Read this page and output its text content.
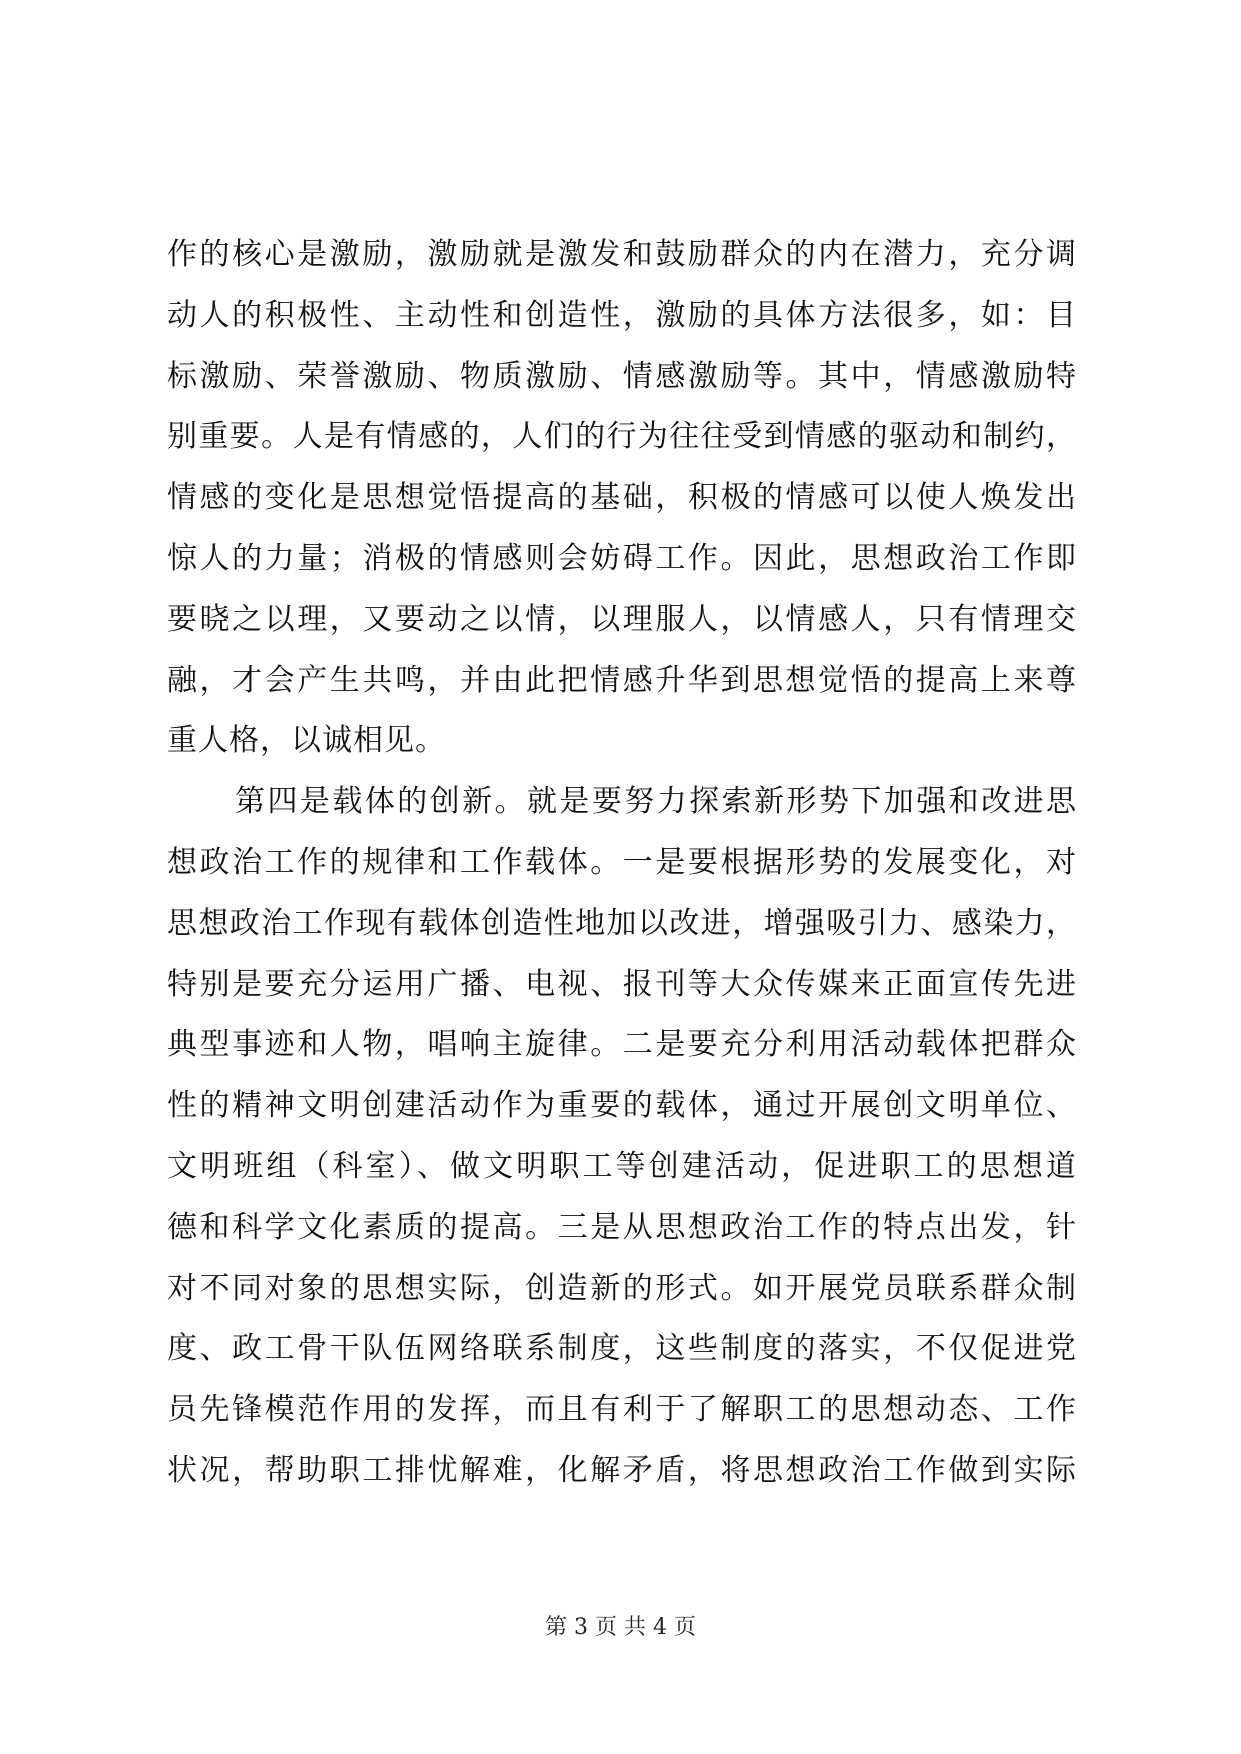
作的核心是激励，激励就是激发和鼓励群众的内在潜力，充分调
动人的积极性、主动性和创造性，激励的具体方法很多，如：目
标激励、荣誉激励、物质激励、情感激励等。其中，情感激励特
别重要。人是有情感的，人们的行为往往受到情感的驱动和制约，
情感的变化是思想觉悟提高的基础，积极的情感可以使人焕发出
惊人的力量；消极的情感则会妨碍工作。因此，思想政治工作即
要晓之以理，又要动之以情，以理服人，以情感人，只有情理交
融，才会产生共鸣，并由此把情感升华到思想觉悟的提高上来尊
重人格，以诚相见。
第四是载体的创新。就是要努力探索新形势下加强和改进思
想政治工作的规律和工作载体。一是要根据形势的发展变化，对
思想政治工作现有载体创造性地加以改进，增强吸引力、感染力，
特别是要充分运用广播、电视、报刊等大众传媒来正面宣传先进
典型事迹和人物，唱响主旋律。二是要充分利用活动载体把群众
性的精神文明创建活动作为重要的载体，通过开展创文明单位、
文明班组（科室）、做文明职工等创建活动，促进职工的思想道
德和科学文化素质的提高。三是从思想政治工作的特点出发，针
对不同对象的思想实际，创造新的形式。如开展党员联系群众制
度、政工骨干队伍网络联系制度，这些制度的落实，不仅促进党
员先锋模范作用的发挥，而且有利于了解职工的思想动态、工作
状况，帮助职工排忧解难，化解矛盾，将思想政治工作做到实际
第 3 页 共 4 页
